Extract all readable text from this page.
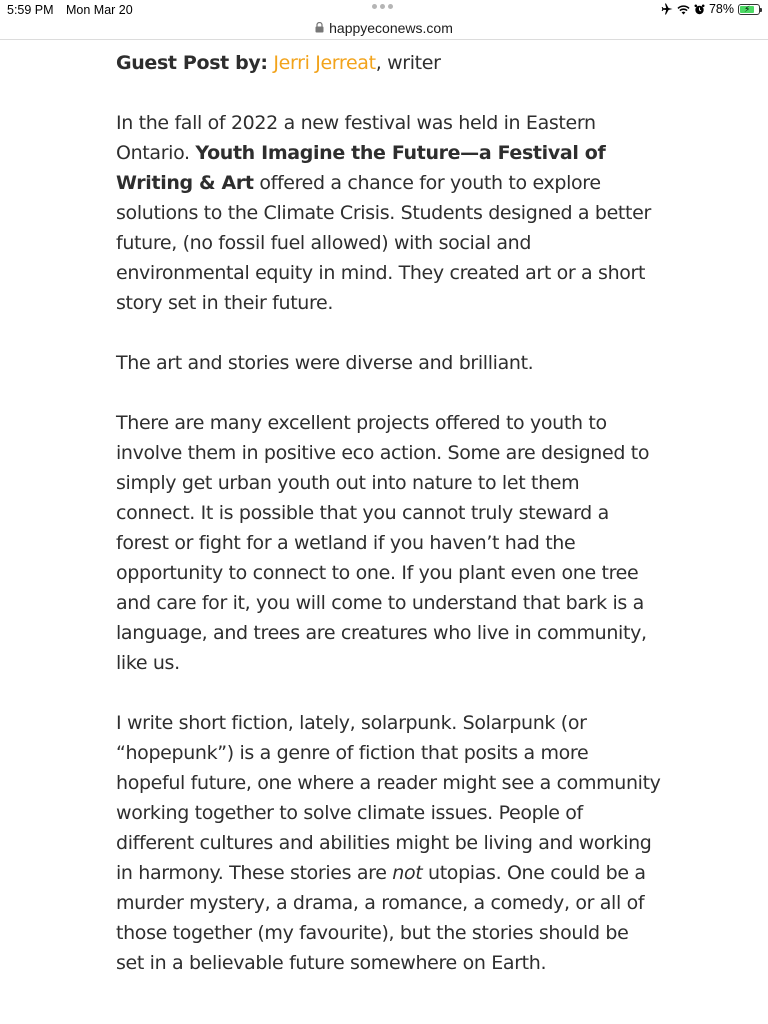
5:59 PM Mon Mar 20	78% ⚡
happyeconews.com

Guest Post by: Jerri Jerreat, writer

In the fall of 2022 a new festival was held in Eastern Ontario. Youth Imagine the Future—a Festival of Writing & Art offered a chance for youth to explore solutions to the Climate Crisis. Students designed a better future, (no fossil fuel allowed) with social and environmental equity in mind. They created art or a short story set in their future.

The art and stories were diverse and brilliant.

There are many excellent projects offered to youth to involve them in positive eco action. Some are designed to simply get urban youth out into nature to let them connect. It is possible that you cannot truly steward a forest or fight for a wetland if you haven’t had the opportunity to connect to one. If you plant even one tree and care for it, you will come to understand that bark is a language, and trees are creatures who live in community, like us.

I write short fiction, lately, solarpunk. Solarpunk (or “hopepunk”) is a genre of fiction that posits a more hopeful future, one where a reader might see a community working together to solve climate issues. People of different cultures and abilities might be living and working in harmony. These stories are not utopias. One could be a murder mystery, a drama, a romance, a comedy, or all of those together (my favourite), but the stories should be set in a believable future somewhere on Earth.
